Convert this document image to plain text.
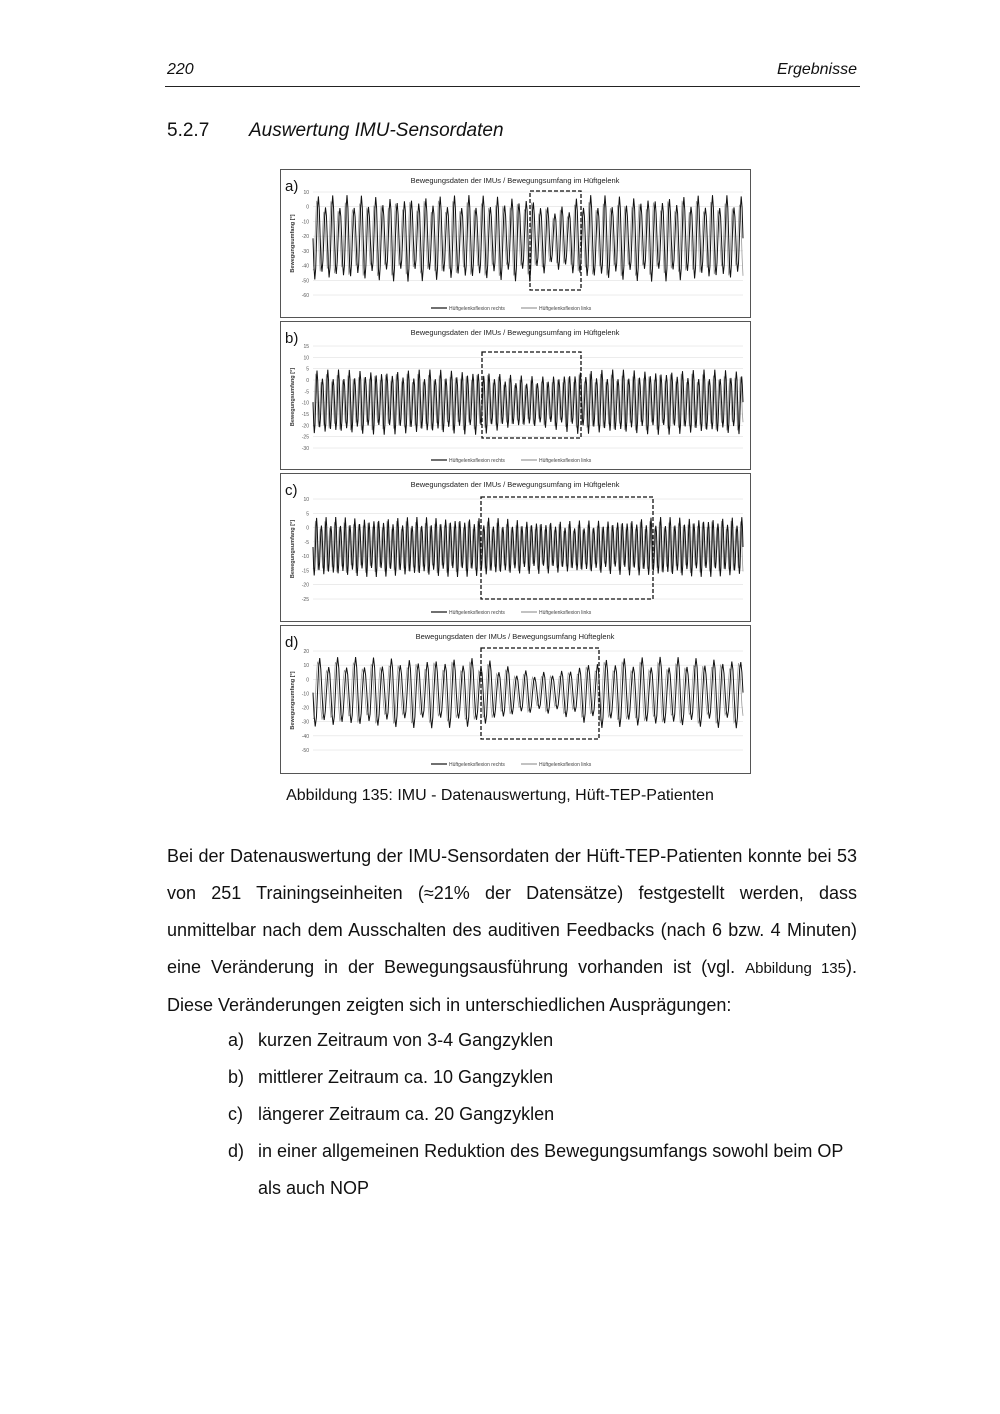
220	Ergebnisse
5.2.7 Auswertung IMU-Sensordaten
Bewegungsdaten der IMUs / Bewegungsumfang im Hüftgelenk
a)
Bewegungsumfang [°]
10
0
-10
-20
-30
-40
-50
-60
Hüftgelenksflexion rechts	Hüftgelenksflexion links
Bewegungsdaten der IMUs / Bewegungsumfang im Hüftgelenk
b)
Bewegungsumfang [°]
15
10
5
0
-5
-10
-15
-20
-25
-30
Hüftgelenksflexion rechts	Hüftgelenksflexion links
Bewegungsdaten der IMUs / Bewegungsumfang im Hüftgelenk
c)
Bewegungsumfang [°]
10
5
0
-5
-10
-15
-20
-25
Hüftgelenksflexion rechts	Hüftgelenksflexion links
Bewegungsdaten der IMUs / Bewegungsumfang Hüfteglenk
d)
Bewegungsumfang [°]
20
10
0
-10
-20
-30
-40
-50
Hüftgelenksflexion rechts	Hüftgelenksflexion links
Abbildung 135: IMU - Datenauswertung, Hüft-TEP-Patienten
Bei der Datenauswertung der IMU-Sensordaten der Hüft-TEP-Patienten konnte bei 53 von 251 Trainingseinheiten (≈21% der Datensätze) festgestellt werden, dass unmittelbar nach dem Ausschalten des auditiven Feedbacks (nach 6 bzw. 4 Minuten) eine Veränderung in der Bewegungsausführung vorhanden ist (vgl. Abbildung 135). Diese Veränderungen zeigten sich in unterschiedlichen Ausprägungen:
a) kurzen Zeitraum von 3-4 Gangzyklen
b) mittlerer Zeitraum ca. 10 Gangzyklen
c) längerer Zeitraum ca. 20 Gangzyklen
d) in einer allgemeinen Reduktion des Bewegungsumfangs sowohl beim OP als auch NOP
